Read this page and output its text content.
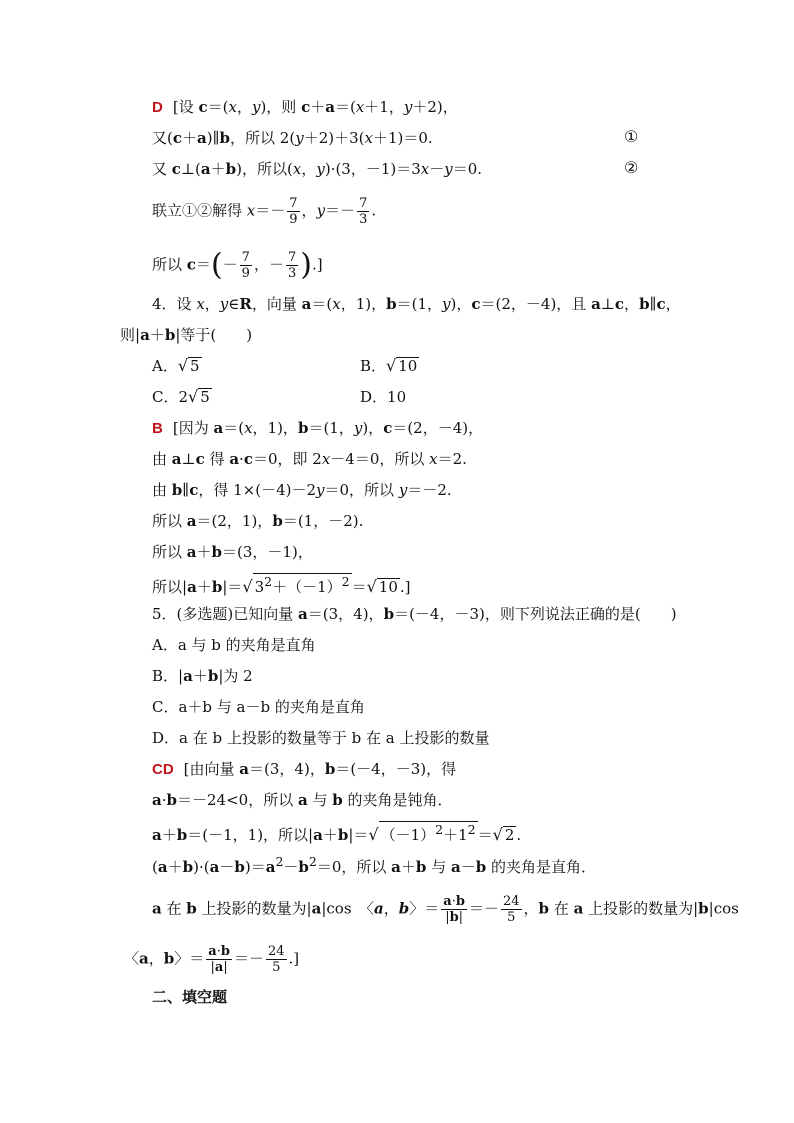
D [设 c＝(x，y)，则 c＋a＝(x＋1，y＋2)，
又(c＋a)∥b，所以 2(y＋2)＋3(x＋1)＝0.	①
又 c⊥(a＋b)，所以(x，y)·(3，－1)＝3x－y＝0.	②
联立①②解得 $x=- \frac{7}{9}$ ，$y=- \frac{7}{3}$ .
所以 $c=(- \frac{7}{9}$ ，－ $\frac{7}{3}$ ).]
4．设 x，y∈R，向量 a＝(x，1)，b＝(1，y)，c＝(2，－4)，且 a⊥c，b∥c，
则|a＋b|等于(　　)
A．√ 5	B．√ 10
C．2√ 5	D．10
B [因为 a＝(x，1)，b＝(1，y)，c＝(2，－4)，
由 a⊥c 得 a·c＝0，即 2x－4＝0，所以 x＝2.
由 b∥c，得 1×(－4)－2y＝0，所以 y＝－2.
所以 a＝(2，1)，b＝(1，－2).
所以 a＋b＝(3，－1)，
所以|a＋b|＝√ $3^2+(-1)^2$ ＝√ 10 .]
5．(多选题)已知向量 a＝(3，4)，b＝(－4，－3)，则下列说法正确的是(　　)
A．a 与 b 的夹角是直角
B．|a＋b|为 2
C．a＋b 与 a－b 的夹角是直角
D．a 在 b 上投影的数量等于 b 在 a 上投影的数量
CD [由向量 a＝(3，4)，b＝(－4，－3)，得
a·b＝－24<0，所以 a 与 b 的夹角是钝角．
a＋b＝(－1，1)，所以|a＋b|＝√ $(-1)^2+1^2$ ＝√ 2 .
$(a+b)\cdot(a-b)=a^2-b^2=0$，所以 a＋b 与 a－b 的夹角是直角．
a 在 b 上投影的数量为|a|cos　〈a，b〉＝ $\frac{a\cdot b}{|b|} =- \frac{24}{5}$ ，b 在 a 上投影的数量为|b|cos
〈a，b〉＝ $\frac{a\cdot b}{|a|} =- \frac{24}{5}$ .]
二、填空题
